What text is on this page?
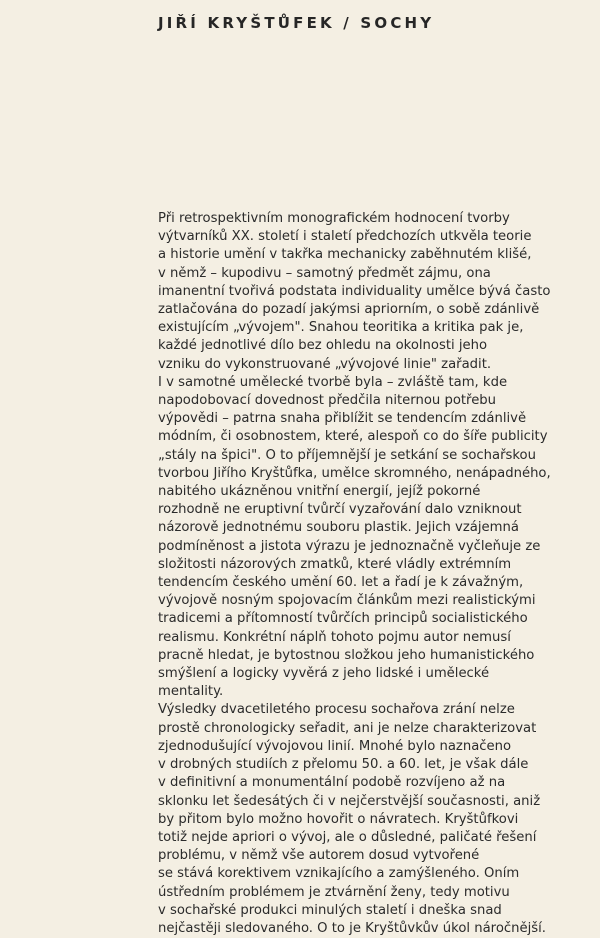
JIŘÍ KRYŠTŮFEK / SOCHY
Při retrospektivním monografickém hodnocení tvorby
výtvarníků XX. století i staletí předchozích utkvěla teorie
a historie umění v takřka mechanicky zaběhnutém klišé,
v němž – kupodivu – samotný předmět zájmu, ona
imanentní tvořivá podstata individuality umělce bývá často
zatlačována do pozadí jakýmsi apriorním, o sobě zdánlivě
existujícím „vývojem". Snahou teoritika a kritika pak je,
každé jednotlivé dílo bez ohledu na okolnosti jeho
vzniku do vykonstruované „vývojové linie" zařadit.
I v samotné umělecké tvorbě byla – zvláště tam, kde
napodobovací dovednost předčila niternou potřebu
výpovědi – patrna snaha přiblížit se tendencím zdánlivě
módním, či osobnostem, které, alespoň co do šíře publicity
„stály na špici". O to příjemnější je setkání se sochařskou
tvorbou Jiřího Kryštůfka, umělce skromného, nenápadného,
nabitého ukázněnou vnitřní energií, jejíž pokorné
rozhodně ne eruptivní tvůrčí vyzařování dalo vzniknout
názorově jednotnému souboru plastik. Jejich vzájemná
podmíněnost a jistota výrazu je jednoznačně vyčleňuje ze
složitosti názorových zmatků, které vládly extrémním
tendencím českého umění 60. let a řadí je k závažným,
vývojově nosným spojovacím článkům mezi realistickými
tradicemi a přítomností tvůrčích principů socialistického
realismu. Konkrétní náplň tohoto pojmu autor nemusí
pracně hledat, je bytostnou složkou jeho humanistického
smýšlení a logicky vyvěrá z jeho lidské i umělecké
mentality.
Výsledky dvacetiletého procesu sochařova zrání nelze
prostě chronologicky seřadit, ani je nelze charakterizovat
zjednodušující vývojovou linií. Mnohé bylo naznačeno
v drobných studiích z přelomu 50. a 60. let, je však dále
v definitivní a monumentální podobě rozvíjeno až na
sklonku let šedesátých či v nejčerstvější současnosti, aniž
by přitom bylo možno hovořit o návratech. Kryštůfkovi
totiž nejde apriori o vývoj, ale o důsledné, paličaté řešení
problému, v němž vše autorem dosud vytvořené
se stává korektivem vznikajícího a zamýšleného. Oním
ústředním problémem je ztvárnění ženy, tedy motivu
v sochařské produkci minulých staletí i dneška snad
nejčastěji sledovaného. O to je Kryštůvkův úkol náročnější.
